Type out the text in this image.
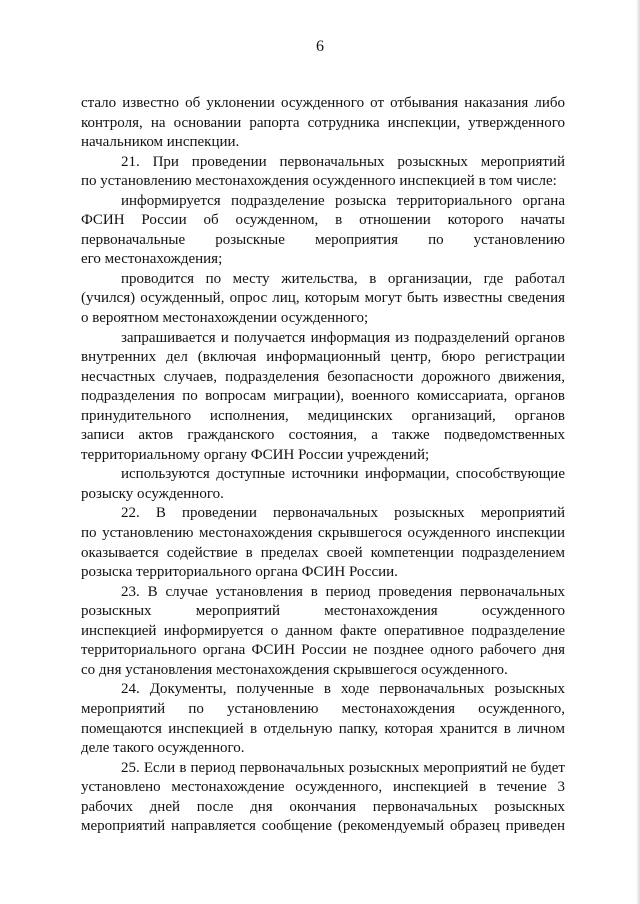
6
стало известно об уклонении осужденного от отбывания наказания либо
контроля, на основании рапорта сотрудника инспекции, утвержденного
начальником инспекции.
21. При проведении первоначальных розыскных мероприятий
по установлению местонахождения осужденного инспекцией в том числе:
информируется подразделение розыска территориального органа
ФСИН России об осужденном, в отношении которого начаты
первоначальные розыскные мероприятия по установлению
его местонахождения;
проводится по месту жительства, в организации, где работал
(учился) осужденный, опрос лиц, которым могут быть известны сведения
о вероятном местонахождении осужденного;
запрашивается и получается информация из подразделений органов
внутренних дел (включая информационный центр, бюро регистрации
несчастных случаев, подразделения безопасности дорожного движения,
подразделения по вопросам миграции), военного комиссариата, органов
принудительного исполнения, медицинских организаций, органов
записи актов гражданского состояния, а также подведомственных
территориальному органу ФСИН России учреждений;
используются доступные источники информации, способствующие
розыску осужденного.
22. В проведении первоначальных розыскных мероприятий
по установлению местонахождения скрывшегося осужденного инспекции
оказывается содействие в пределах своей компетенции подразделением
розыска территориального органа ФСИН России.
23. В случае установления в период проведения первоначальных
розыскных мероприятий местонахождения осужденного
инспекцией информируется о данном факте оперативное подразделение
территориального органа ФСИН России не позднее одного рабочего дня
со дня установления местонахождения скрывшегося осужденного.
24. Документы, полученные в ходе первоначальных розыскных
мероприятий по установлению местонахождения осужденного,
помещаются инспекцией в отдельную папку, которая хранится в личном
деле такого осужденного.
25. Если в период первоначальных розыскных мероприятий не будет
установлено местонахождение осужденного, инспекцией в течение 3
рабочих дней после дня окончания первоначальных розыскных
мероприятий направляется сообщение (рекомендуемый образец приведен
